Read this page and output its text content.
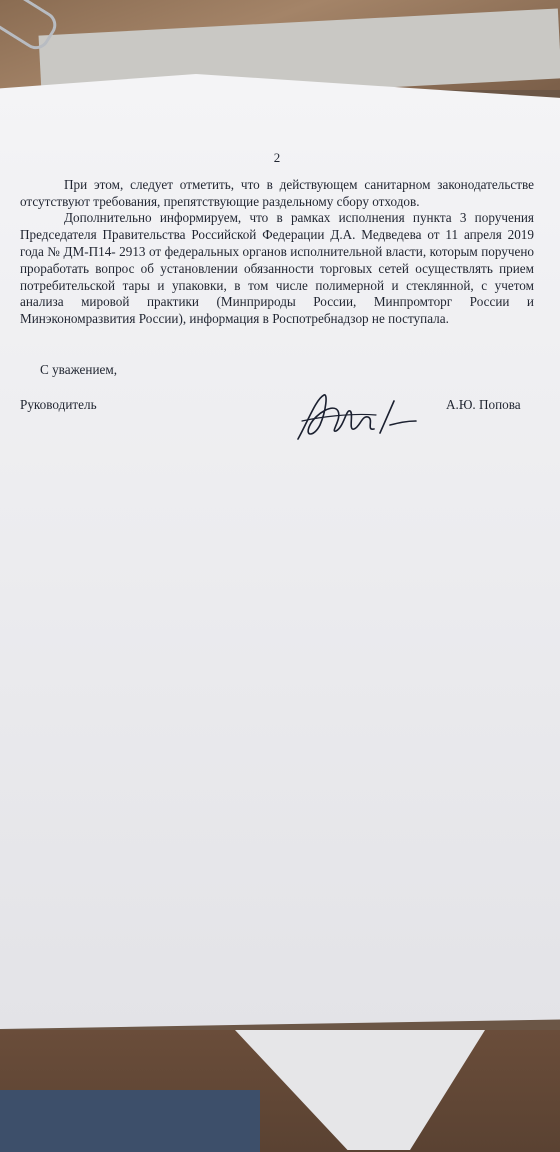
2

При этом, следует отметить, что в действующем санитарном законодательстве отсутствуют требования, препятствующие раздельному сбору отходов.

Дополнительно информируем, что в рамках исполнения пункта 3 поручения Председателя Правительства Российской Федерации Д.А. Медведева от 11 апреля 2019 года № ДМ-П14- 2913 от федеральных органов исполнительной власти, которым поручено проработать вопрос об установлении обязанности торговых сетей осуществлять прием потребительской тары и упаковки, в том числе полимерной и стеклянной, с учетом анализа мировой практики (Минприроды России, Минпромторг России и Минэкономразвития России), информация в Роспотребнадзор не поступала.

С уважением,
Руководитель	А.Ю. Попова
